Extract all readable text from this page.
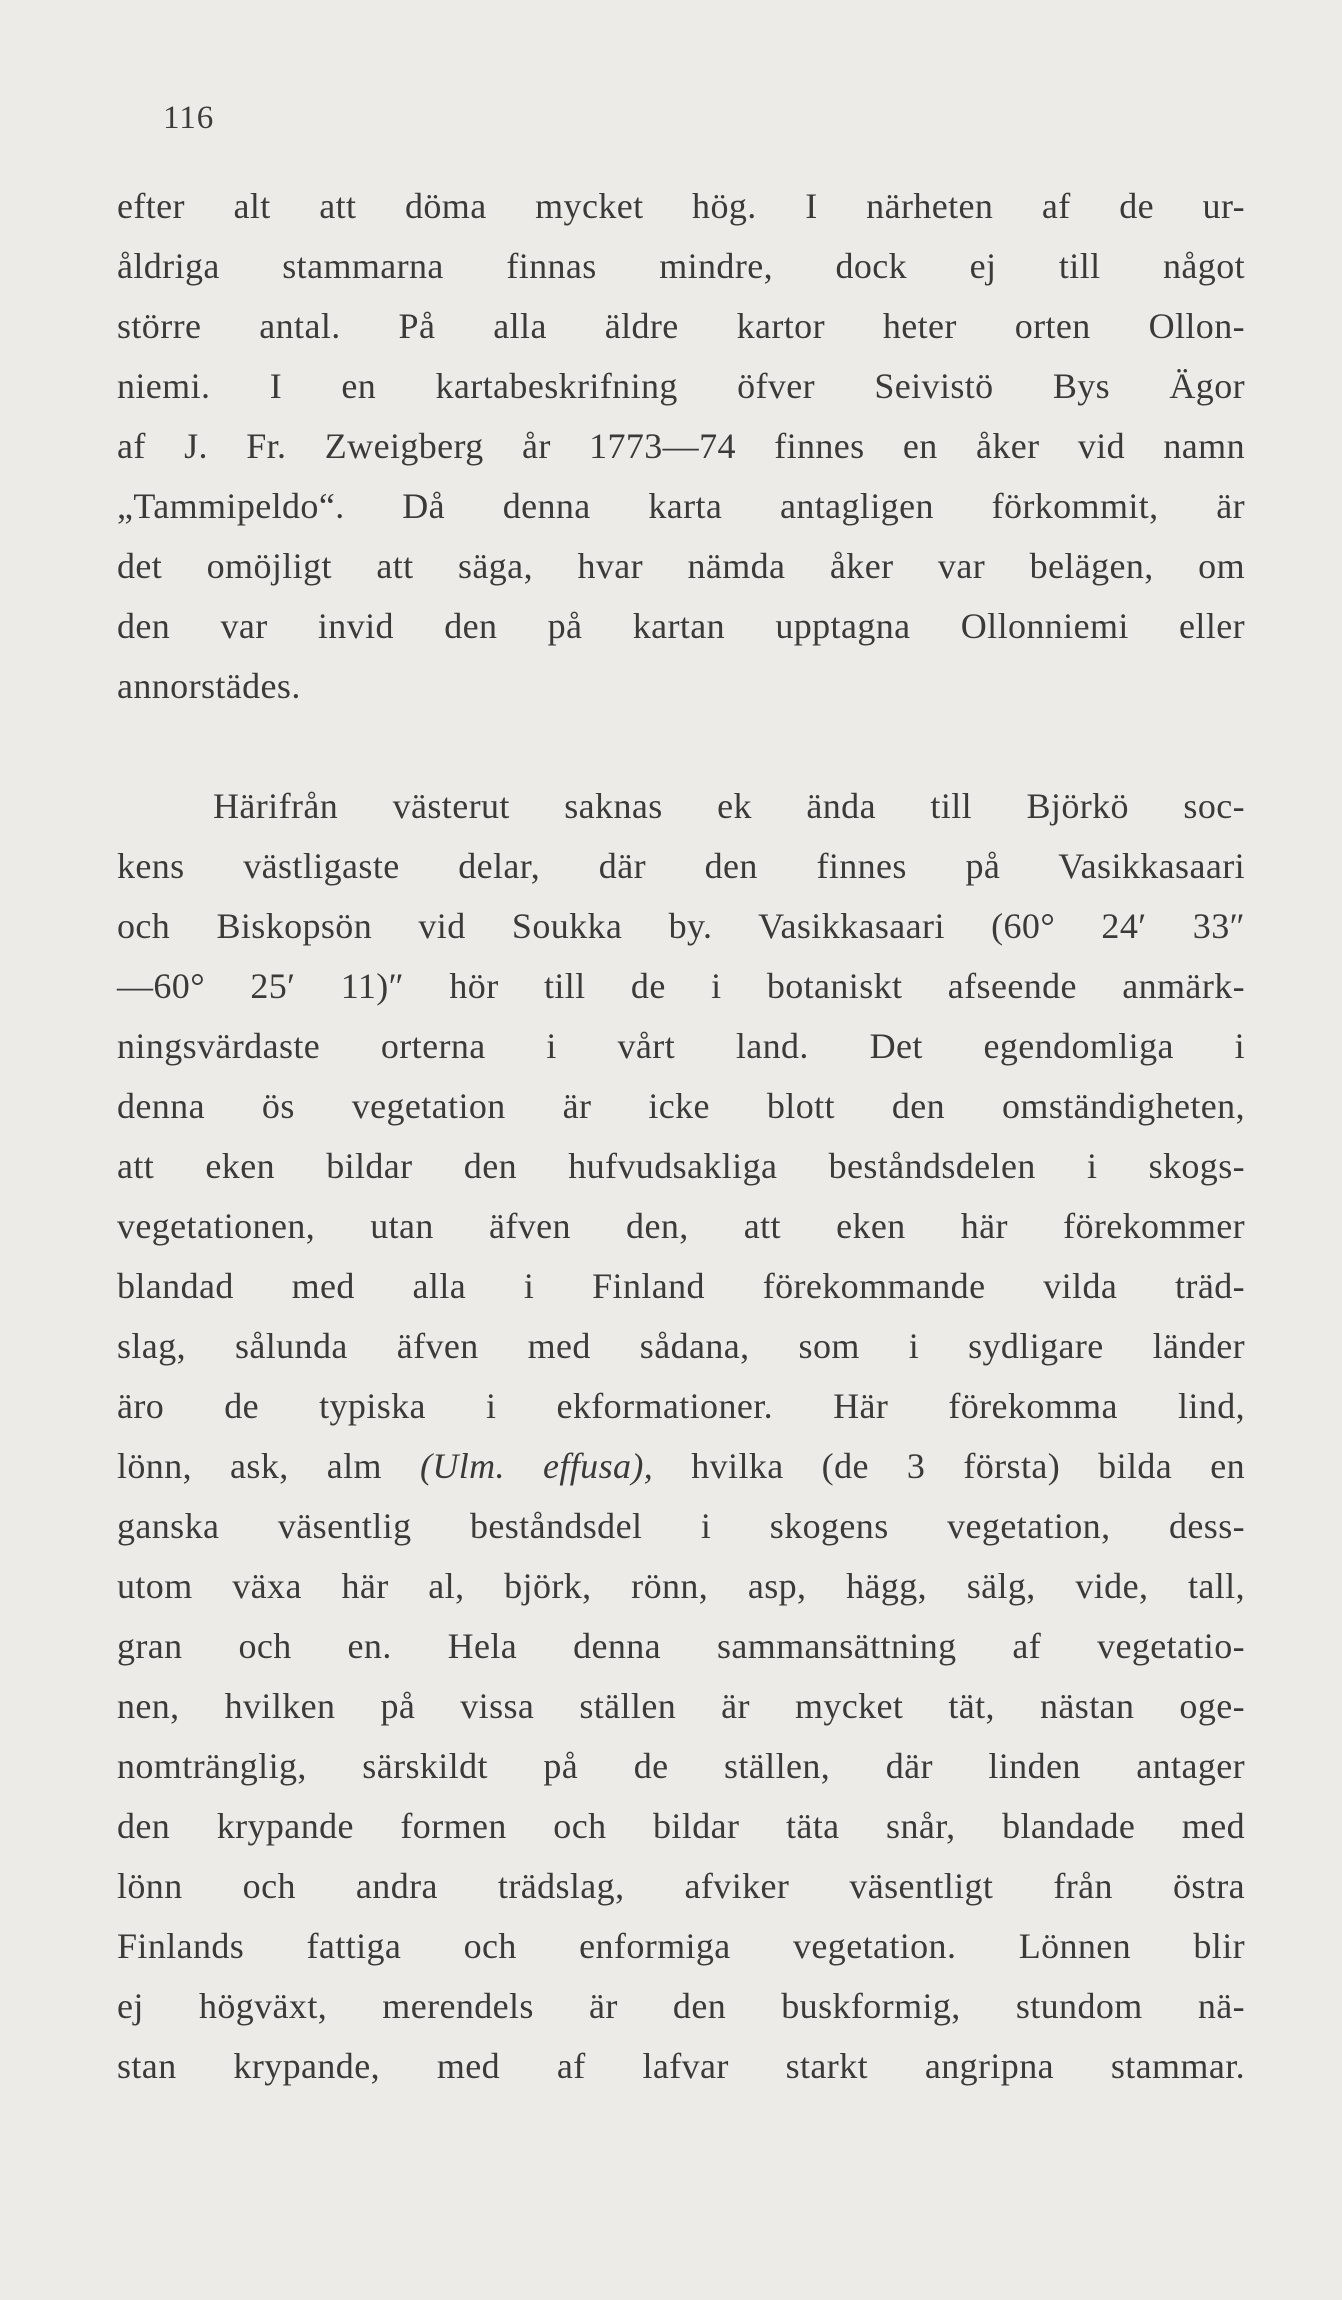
116
efter alt att döma mycket hög. I närheten af de ur-
åldriga stammarna finnas mindre, dock ej till något
större antal. På alla äldre kartor heter orten Ollon-
niemi. I en kartabeskrifning öfver Seivistö Bys Ägor
af J. Fr. Zweigberg år 1773—74 finnes en åker vid namn
„Tammipeldo“. Då denna karta antagligen förkommit, är
det omöjligt att säga, hvar nämda åker var belägen, om
den var invid den på kartan upptagna Ollonniemi eller
annorstädes.
Härifrån västerut saknas ek ända till Björkö soc-
kens västligaste delar, där den finnes på Vasikkasaari
och Biskopsön vid Soukka by. Vasikkasaari (60° 24′ 33″
—60° 25′ 11)″ hör till de i botaniskt afseende anmärk-
ningsvärdaste orterna i vårt land. Det egendomliga i
denna ös vegetation är icke blott den omständigheten,
att eken bildar den hufvudsakliga beståndsdelen i skogs-
vegetationen, utan äfven den, att eken här förekommer
blandad med alla i Finland förekommande vilda träd-
slag, sålunda äfven med sådana, som i sydligare länder
äro de typiska i ekformationer. Här förekomma lind,
lönn, ask, alm (Ulm. effusa), hvilka (de 3 första) bilda en
ganska väsentlig beståndsdel i skogens vegetation, dess-
utom växa här al, björk, rönn, asp, hägg, sälg, vide, tall,
gran och en. Hela denna sammansättning af vegetatio-
nen, hvilken på vissa ställen är mycket tät, nästan oge-
nomtränglig, särskildt på de ställen, där linden antager
den krypande formen och bildar täta snår, blandade med
lönn och andra trädslag, afviker väsentligt från östra
Finlands fattiga och enformiga vegetation. Lönnen blir
ej högväxt, merendels är den buskformig, stundom nä-
stan krypande, med af lafvar starkt angripna stammar.
